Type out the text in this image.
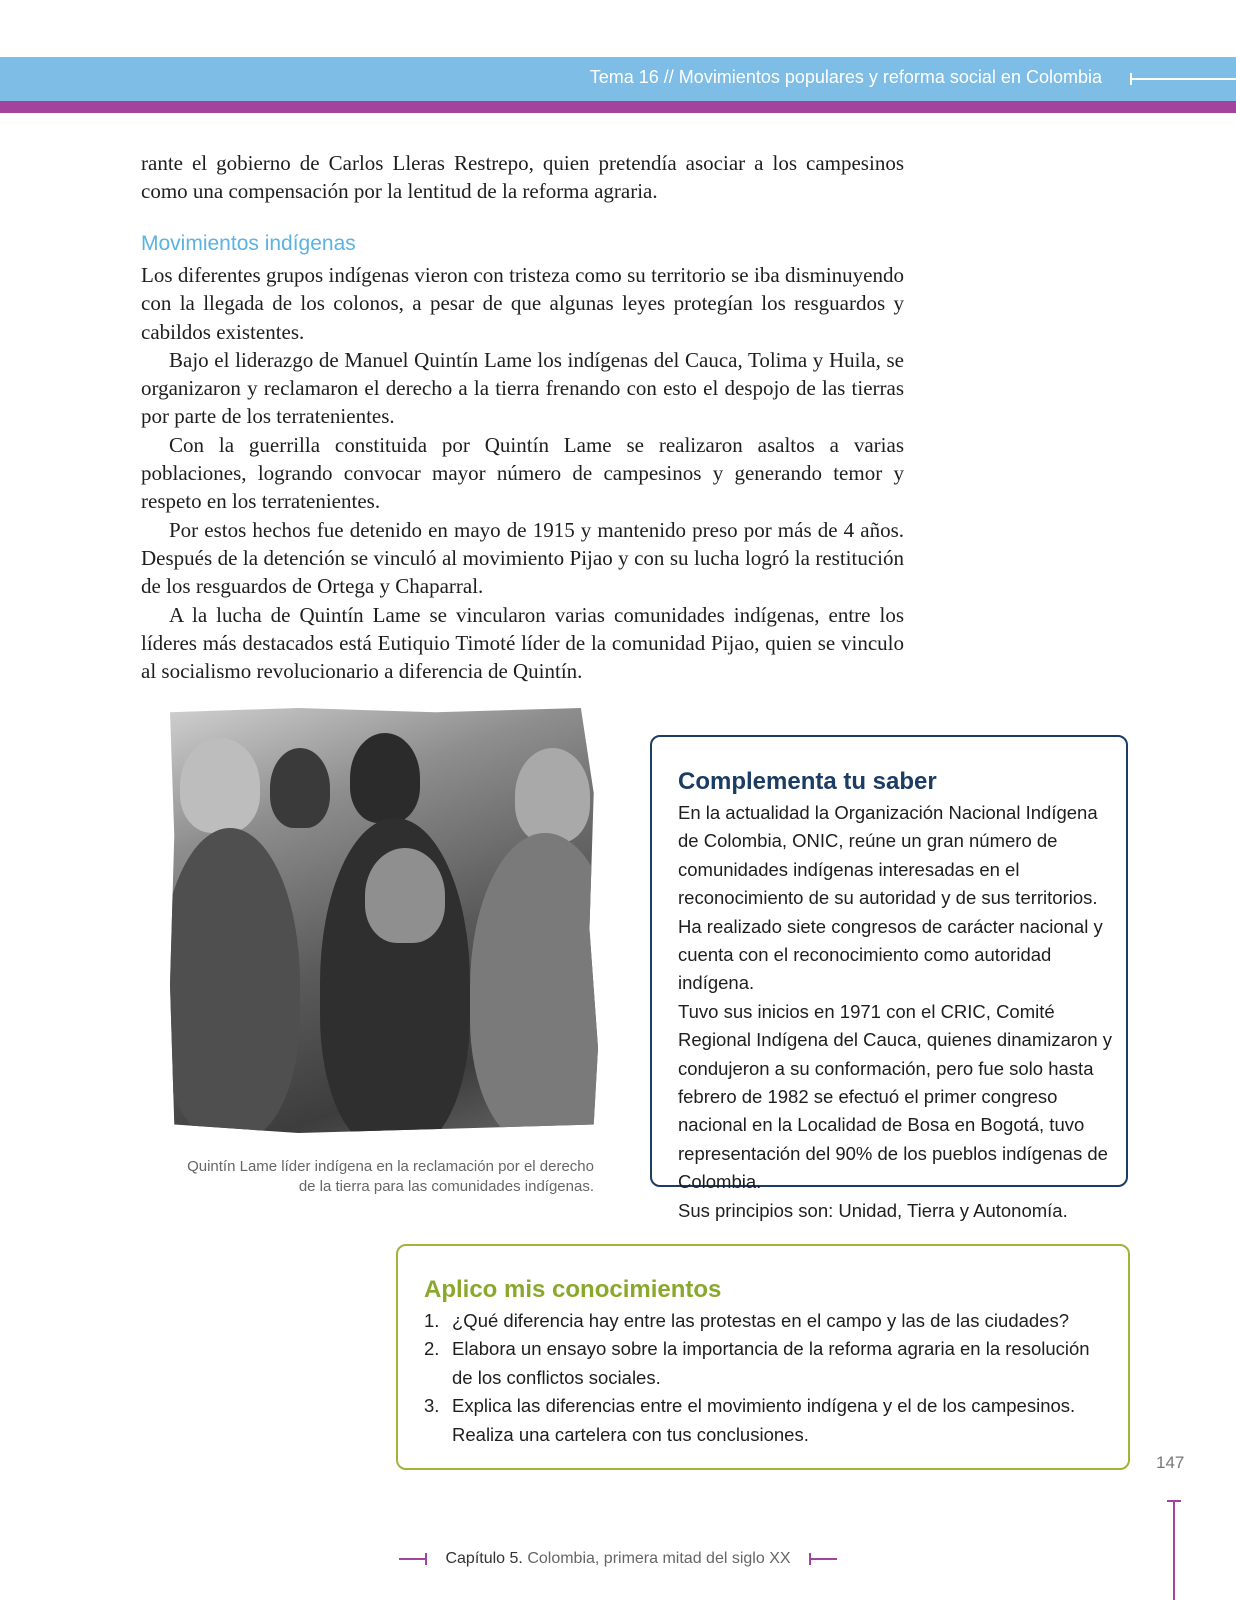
Tema 16 // Movimientos populares y reforma social en Colombia

rante el gobierno de Carlos Lleras Restrepo, quien pretendía asociar a los campesinos como una compensación por la lentitud de la reforma agraria.

Movimientos indígenas

Los diferentes grupos indígenas vieron con tristeza como su territorio se iba disminuyendo con la llegada de los colonos, a pesar de que algunas leyes protegían los resguardos y cabildos existentes.

Bajo el liderazgo de Manuel Quintín Lame los indígenas del Cauca, Tolima y Huila, se organizaron y reclamaron el derecho a la tierra frenando con esto el despojo de las tierras por parte de los terratenientes.

Con la guerrilla constituida por Quintín Lame se realizaron asaltos a varias poblaciones, logrando convocar mayor número de campesinos y generando temor y respeto en los terratenientes.

Por estos hechos fue detenido en mayo de 1915 y mantenido preso por más de 4 años. Después de la detención se vinculó al movimiento Pijao y con su lucha logró la restitución de los resguardos de Ortega y Chaparral.

A la lucha de Quintín Lame se vincularon varias comunidades indígenas, entre los líderes más destacados está Eutiquio Timoté líder de la comunidad Pijao, quien se vinculo al socialismo revolucionario a diferencia de Quintín.

Quintín Lame líder indígena en la reclamación por el derecho
de la tierra para las comunidades indígenas.
Complementa tu saber

En la actualidad la Organización Nacional Indígena de Colombia, ONIC, reúne un gran número de comunidades indígenas interesadas en el reconocimiento de su autoridad y de sus territorios. Ha realizado siete congresos de carácter nacional y cuenta con el reconocimiento como autoridad indígena.

Tuvo sus inicios en 1971 con el CRIC, Comité Regional Indígena del Cauca, quienes dinamizaron y condujeron a su conformación, pero fue solo hasta febrero de 1982 se efectuó el primer congreso nacional en la Localidad de Bosa en Bogotá, tuvo representación del 90% de los pueblos indígenas de Colombia.

Sus principios son: Unidad, Tierra y Autonomía.

Aplico mis conocimientos
1. ¿Qué diferencia hay entre las protestas en el campo y las de las ciudades?
2. Elabora un ensayo sobre la importancia de la reforma agraria en la resolución de los conflictos sociales.
3. Explica las diferencias entre el movimiento indígena y el de los campesinos. Realiza una cartelera con tus conclusiones.
147
Capítulo 5. Colombia, primera mitad del siglo XX
